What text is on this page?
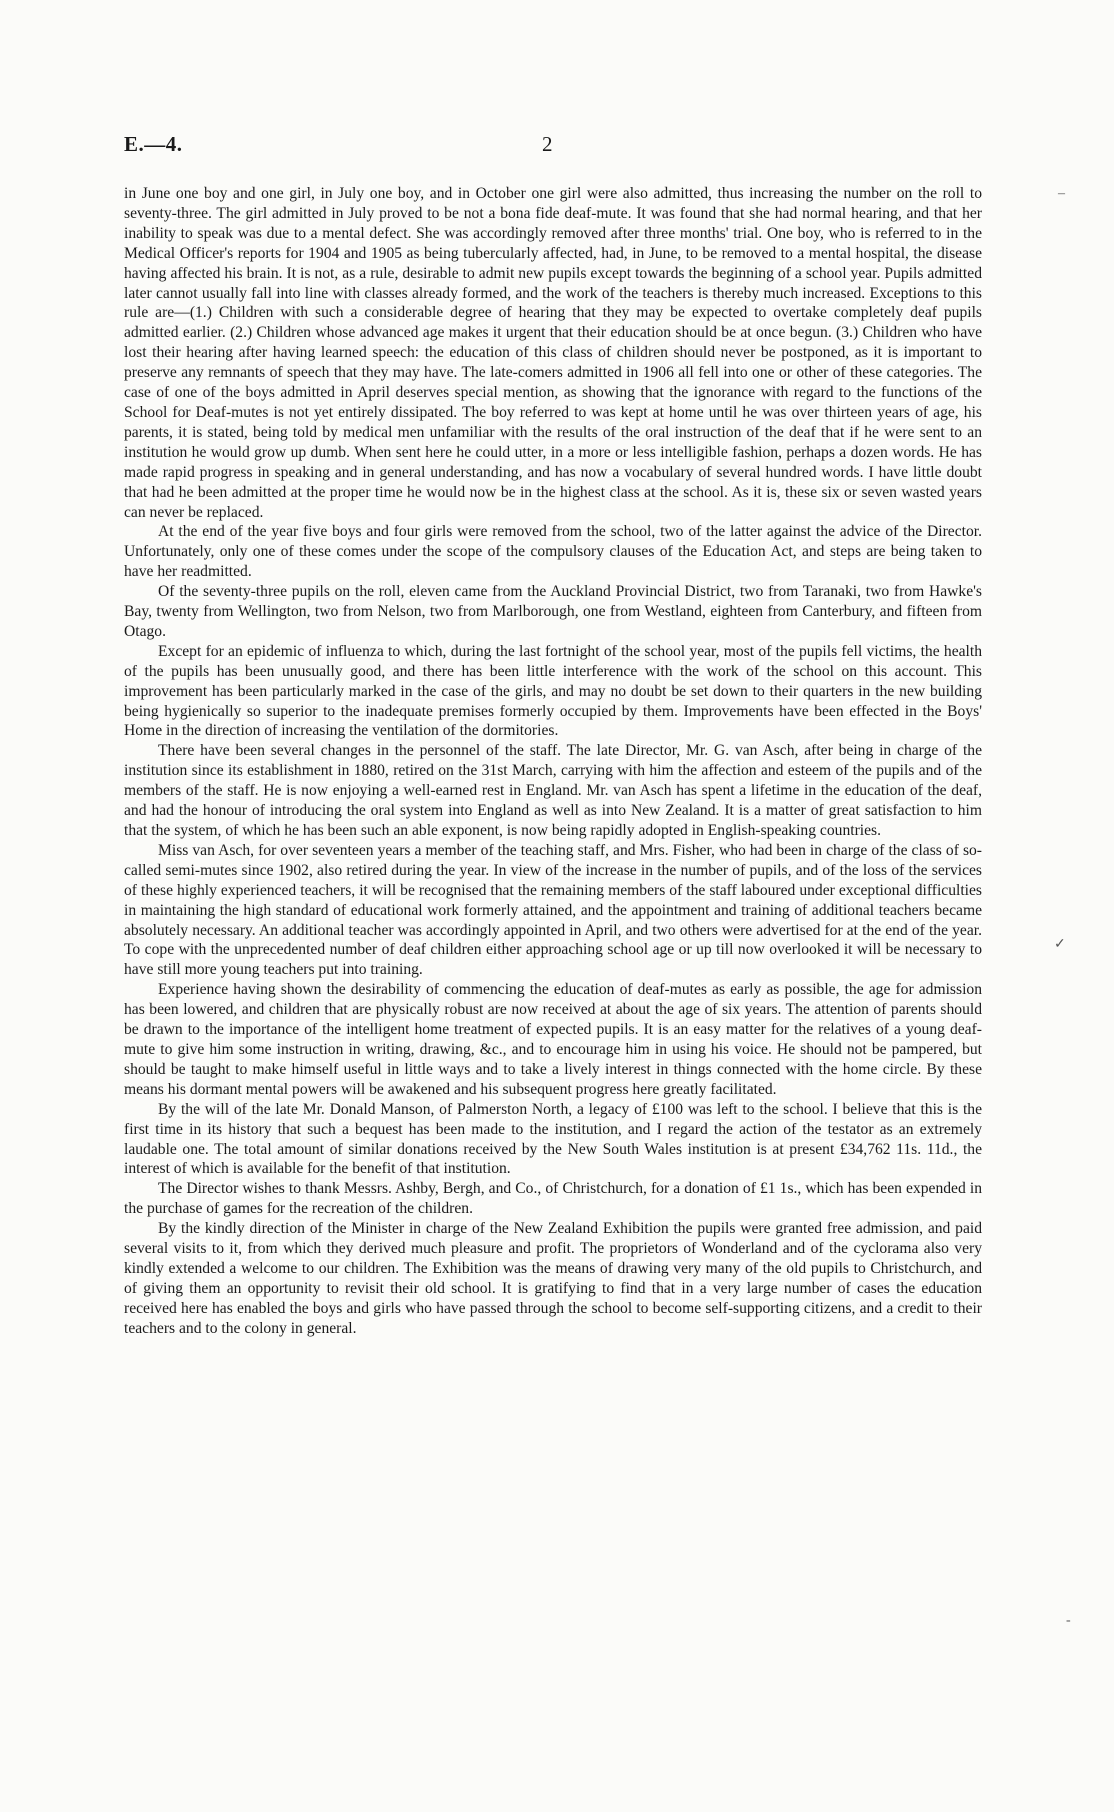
E.—4.	2

in June one boy and one girl, in July one boy, and in October one girl were also admitted, thus increasing the number on the roll to seventy-three. The girl admitted in July proved to be not a bona fide deaf-mute. It was found that she had normal hearing, and that her inability to speak was due to a mental defect. She was accordingly removed after three months' trial. One boy, who is referred to in the Medical Officer's reports for 1904 and 1905 as being tubercularly affected, had, in June, to be removed to a mental hospital, the disease having affected his brain. It is not, as a rule, desirable to admit new pupils except towards the beginning of a school year. Pupils admitted later cannot usually fall into line with classes already formed, and the work of the teachers is thereby much increased. Exceptions to this rule are—(1.) Children with such a considerable degree of hearing that they may be expected to overtake completely deaf pupils admitted earlier. (2.) Children whose advanced age makes it urgent that their education should be at once begun. (3.) Children who have lost their hearing after having learned speech: the education of this class of children should never be postponed, as it is important to preserve any remnants of speech that they may have. The late-comers admitted in 1906 all fell into one or other of these categories. The case of one of the boys admitted in April deserves special mention, as showing that the ignorance with regard to the functions of the School for Deaf-mutes is not yet entirely dissipated. The boy referred to was kept at home until he was over thirteen years of age, his parents, it is stated, being told by medical men unfamiliar with the results of the oral instruction of the deaf that if he were sent to an institution he would grow up dumb. When sent here he could utter, in a more or less intelligible fashion, perhaps a dozen words. He has made rapid progress in speaking and in general understanding, and has now a vocabulary of several hundred words. I have little doubt that had he been admitted at the proper time he would now be in the highest class at the school. As it is, these six or seven wasted years can never be replaced.

At the end of the year five boys and four girls were removed from the school, two of the latter against the advice of the Director. Unfortunately, only one of these comes under the scope of the compulsory clauses of the Education Act, and steps are being taken to have her readmitted.

Of the seventy-three pupils on the roll, eleven came from the Auckland Provincial District, two from Taranaki, two from Hawke's Bay, twenty from Wellington, two from Nelson, two from Marlborough, one from Westland, eighteen from Canterbury, and fifteen from Otago.

Except for an epidemic of influenza to which, during the last fortnight of the school year, most of the pupils fell victims, the health of the pupils has been unusually good, and there has been little interference with the work of the school on this account. This improvement has been particularly marked in the case of the girls, and may no doubt be set down to their quarters in the new building being hygienically so superior to the inadequate premises formerly occupied by them. Improvements have been effected in the Boys' Home in the direction of increasing the ventilation of the dormitories.

There have been several changes in the personnel of the staff. The late Director, Mr. G. van Asch, after being in charge of the institution since its establishment in 1880, retired on the 31st March, carrying with him the affection and esteem of the pupils and of the members of the staff. He is now enjoying a well-earned rest in England. Mr. van Asch has spent a lifetime in the education of the deaf, and had the honour of introducing the oral system into England as well as into New Zealand. It is a matter of great satisfaction to him that the system, of which he has been such an able exponent, is now being rapidly adopted in English-speaking countries.

Miss van Asch, for over seventeen years a member of the teaching staff, and Mrs. Fisher, who had been in charge of the class of so-called semi-mutes since 1902, also retired during the year. In view of the increase in the number of pupils, and of the loss of the services of these highly experienced teachers, it will be recognised that the remaining members of the staff laboured under exceptional difficulties in maintaining the high standard of educational work formerly attained, and the appointment and training of additional teachers became absolutely necessary. An additional teacher was accordingly appointed in April, and two others were advertised for at the end of the year. To cope with the unprecedented number of deaf children either approaching school age or up till now overlooked it will be necessary to have still more young teachers put into training.

Experience having shown the desirability of commencing the education of deaf-mutes as early as possible, the age for admission has been lowered, and children that are physically robust are now received at about the age of six years. The attention of parents should be drawn to the importance of the intelligent home treatment of expected pupils. It is an easy matter for the relatives of a young deaf-mute to give him some instruction in writing, drawing, &c., and to encourage him in using his voice. He should not be pampered, but should be taught to make himself useful in little ways and to take a lively interest in things connected with the home circle. By these means his dormant mental powers will be awakened and his subsequent progress here greatly facilitated.

By the will of the late Mr. Donald Manson, of Palmerston North, a legacy of £100 was left to the school. I believe that this is the first time in its history that such a bequest has been made to the institution, and I regard the action of the testator as an extremely laudable one. The total amount of similar donations received by the New South Wales institution is at present £34,762 11s. 11d., the interest of which is available for the benefit of that institution.

The Director wishes to thank Messrs. Ashby, Bergh, and Co., of Christchurch, for a donation of £1 1s., which has been expended in the purchase of games for the recreation of the children.

By the kindly direction of the Minister in charge of the New Zealand Exhibition the pupils were granted free admission, and paid several visits to it, from which they derived much pleasure and profit. The proprietors of Wonderland and of the cyclorama also very kindly extended a welcome to our children. The Exhibition was the means of drawing very many of the old pupils to Christchurch, and of giving them an opportunity to revisit their old school. It is gratifying to find that in a very large number of cases the education received here has enabled the boys and girls who have passed through the school to become self-supporting citizens, and a credit to their teachers and to the colony in general.

–
✓
-
